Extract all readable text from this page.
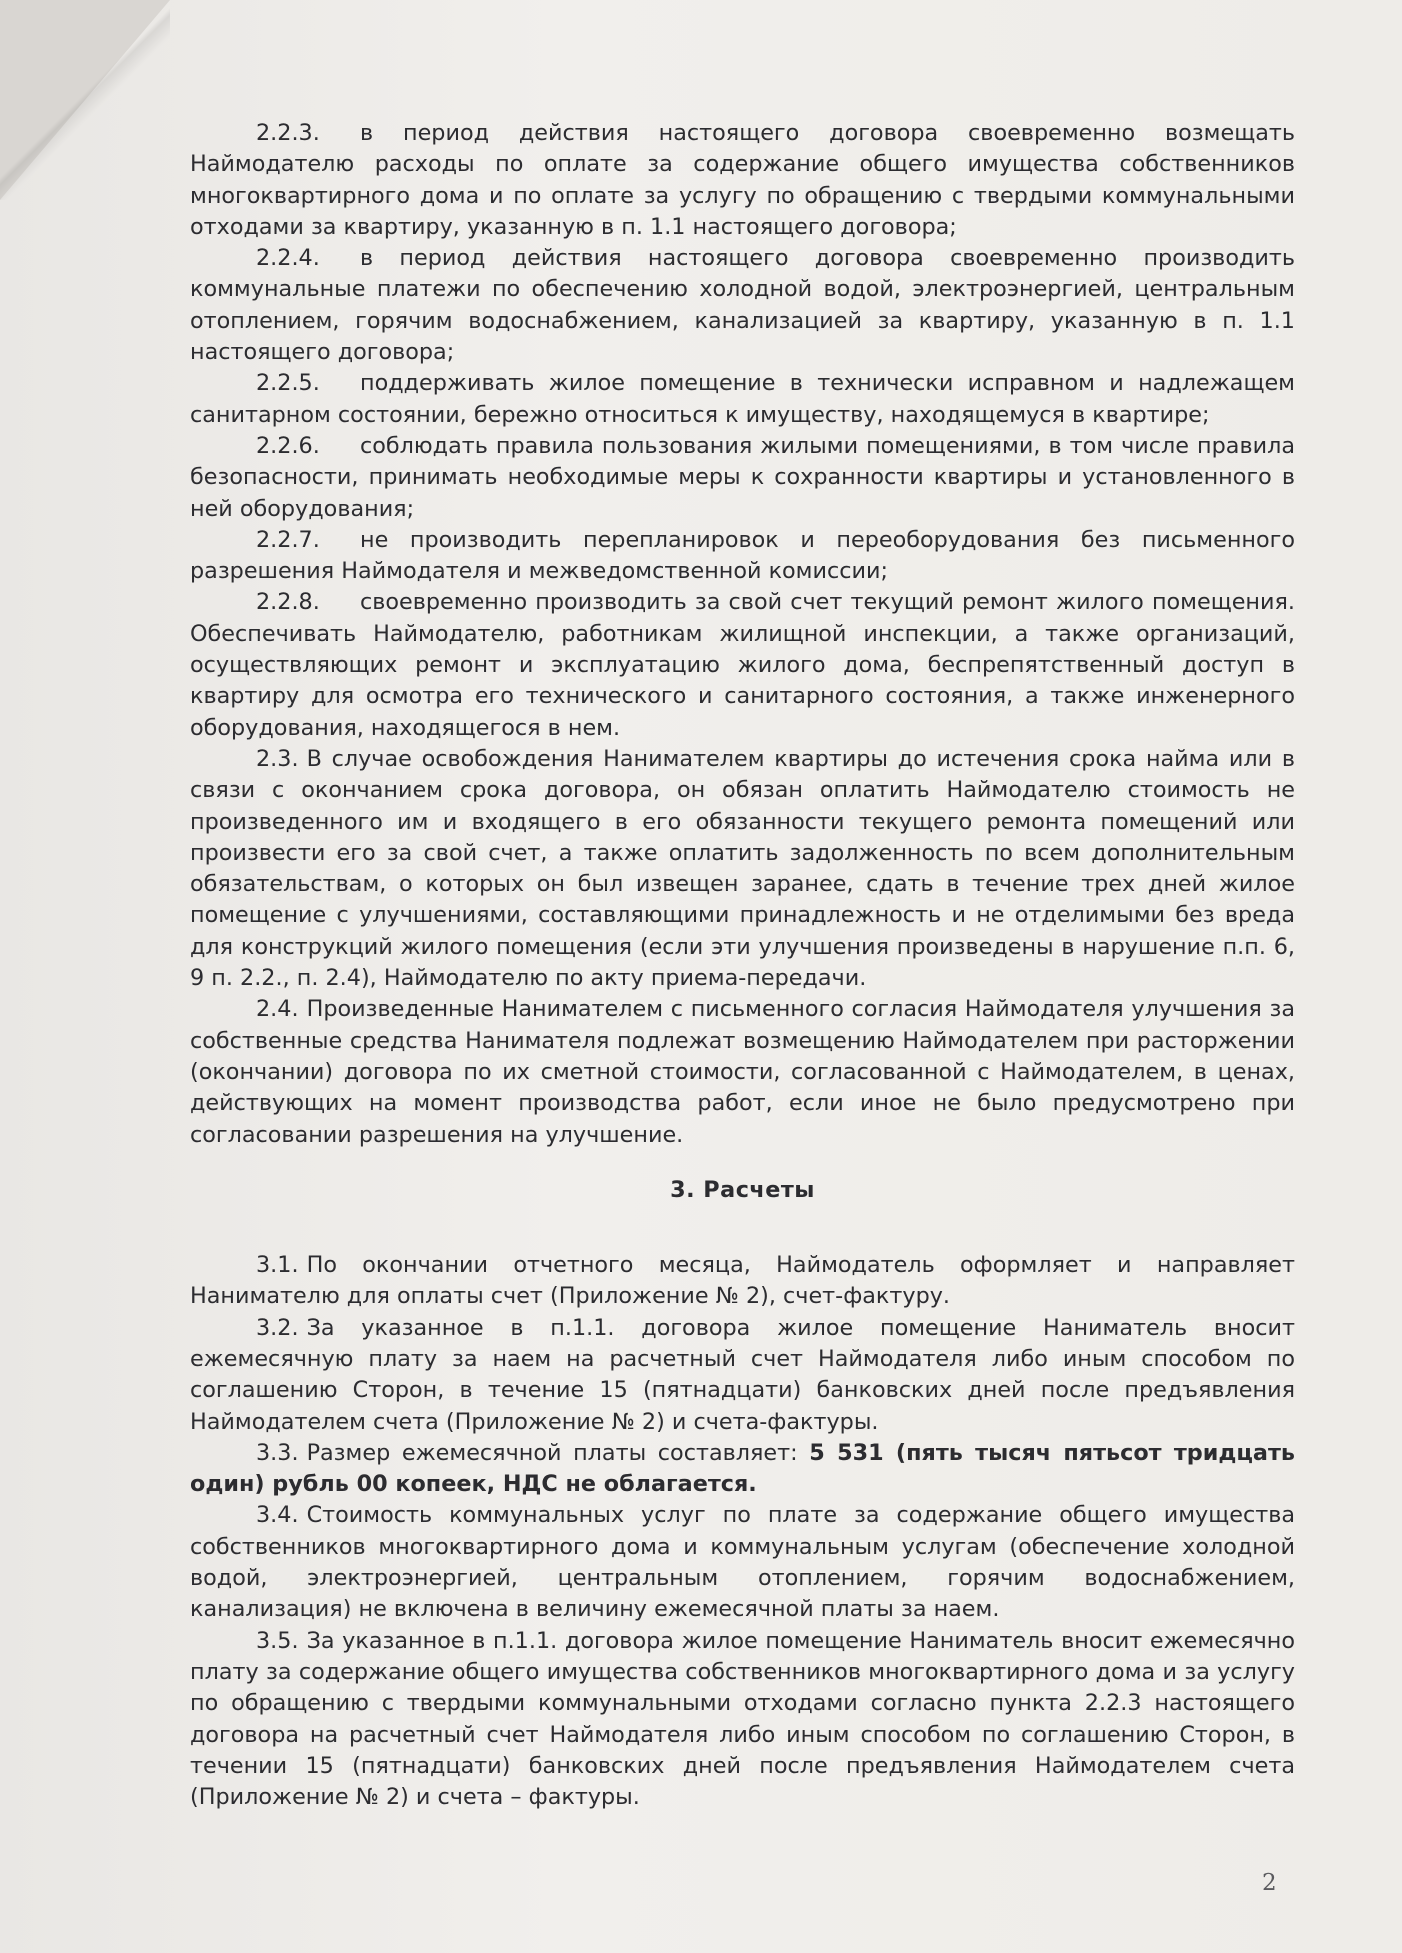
2.2.3. в период действия настоящего договора своевременно возмещать Наймодателю расходы по оплате за содержание общего имущества собственников многоквартирного дома и по оплате за услугу по обращению с твердыми коммунальными отходами за квартиру, указанную в п. 1.1 настоящего договора;

2.2.4. в период действия настоящего договора своевременно производить коммунальные платежи по обеспечению холодной водой, электроэнергией, центральным отоплением, горячим водоснабжением, канализацией за квартиру, указанную в п. 1.1 настоящего договора;

2.2.5. поддерживать жилое помещение в технически исправном и надлежащем санитарном состоянии, бережно относиться к имуществу, находящемуся в квартире;

2.2.6. соблюдать правила пользования жилыми помещениями, в том числе правила безопасности, принимать необходимые меры к сохранности квартиры и установленного в ней оборудования;

2.2.7. не производить перепланировок и переоборудования без письменного разрешения Наймодателя и межведомственной комиссии;

2.2.8. своевременно производить за свой счет текущий ремонт жилого помещения. Обеспечивать Наймодателю, работникам жилищной инспекции, а также организаций, осуществляющих ремонт и эксплуатацию жилого дома, беспрепятственный доступ в квартиру для осмотра его технического и санитарного состояния, а также инженерного оборудования, находящегося в нем.

2.3. В случае освобождения Нанимателем квартиры до истечения срока найма или в связи с окончанием срока договора, он обязан оплатить Наймодателю стоимость не произведенного им и входящего в его обязанности текущего ремонта помещений или произвести его за свой счет, а также оплатить задолженность по всем дополнительным обязательствам, о которых он был извещен заранее, сдать в течение трех дней жилое помещение с улучшениями, составляющими принадлежность и не отделимыми без вреда для конструкций жилого помещения (если эти улучшения произведены в нарушение п.п. 6, 9 п. 2.2., п. 2.4), Наймодателю по акту приема-передачи.

2.4. Произведенные Нанимателем с письменного согласия Наймодателя улучшения за собственные средства Нанимателя подлежат возмещению Наймодателем при расторжении (окончании) договора по их сметной стоимости, согласованной с Наймодателем, в ценах, действующих на момент производства работ, если иное не было предусмотрено при согласовании разрешения на улучшение.

3. Расчеты

3.1. По окончании отчетного месяца, Наймодатель оформляет и направляет Нанимателю для оплаты счет (Приложение № 2), счет-фактуру.

3.2. За указанное в п.1.1. договора жилое помещение Наниматель вносит ежемесячную плату за наем на расчетный счет Наймодателя либо иным способом по соглашению Сторон, в течение 15 (пятнадцати) банковских дней после предъявления Наймодателем счета (Приложение № 2) и счета-фактуры.

3.3. Размер ежемесячной платы составляет: 5 531 (пять тысяч пятьсот тридцать один) рубль 00 копеек, НДС не облагается.

3.4. Стоимость коммунальных услуг по плате за содержание общего имущества собственников многоквартирного дома и коммунальным услугам (обеспечение холодной водой, электроэнергией, центральным отоплением, горячим водоснабжением, канализация) не включена в величину ежемесячной платы за наем.

3.5. За указанное в п.1.1. договора жилое помещение Наниматель вносит ежемесячно плату за содержание общего имущества собственников многоквартирного дома и за услугу по обращению с твердыми коммунальными отходами согласно пункта 2.2.3 настоящего договора на расчетный счет Наймодателя либо иным способом по соглашению Сторон, в течении 15 (пятнадцати) банковских дней после предъявления Наймодателем счета (Приложение № 2) и счета – фактуры.

2
